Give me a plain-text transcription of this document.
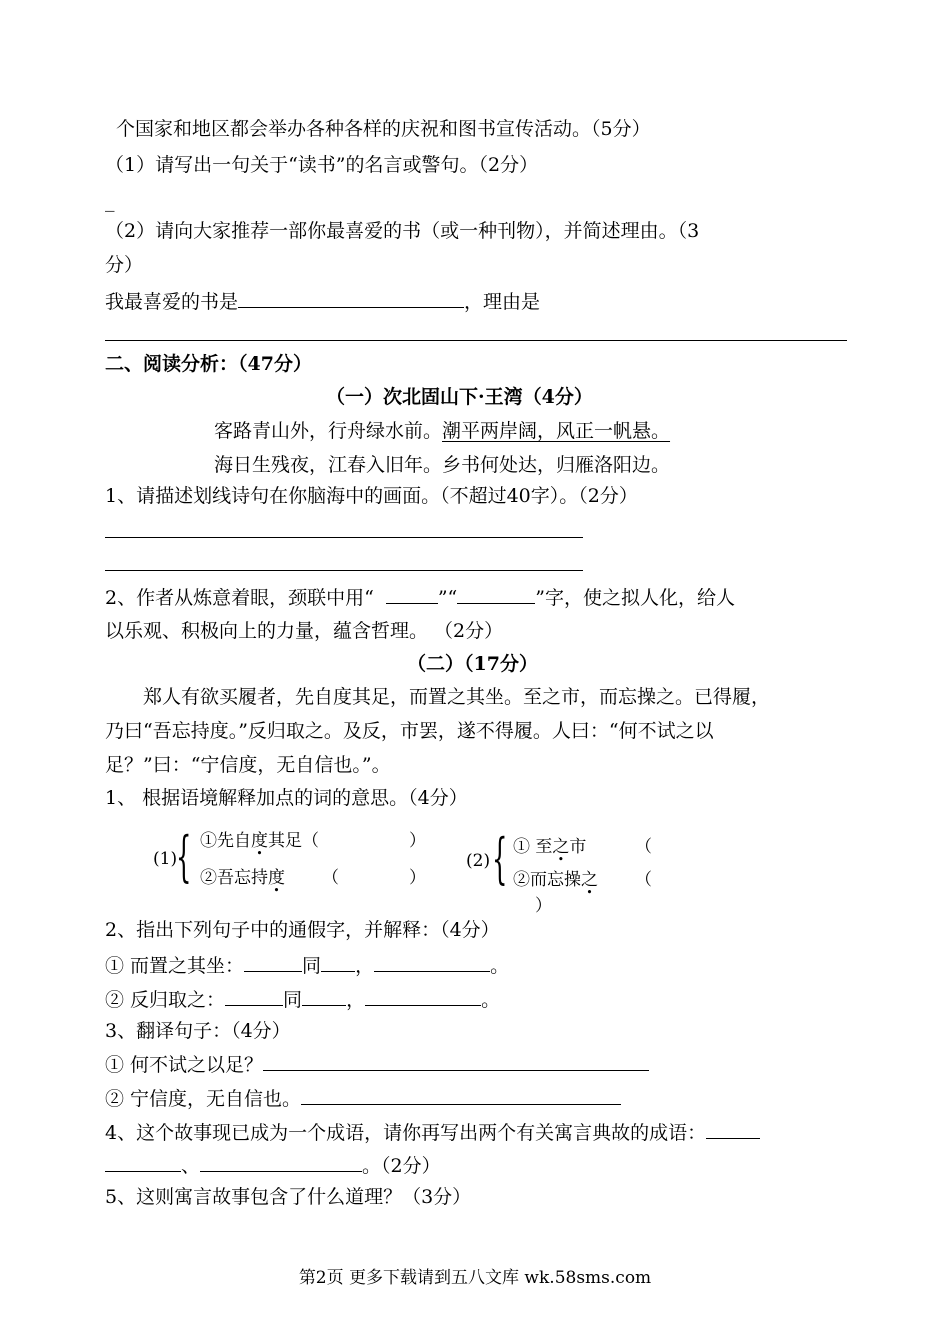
个国家和地区都会举办各种各样的庆祝和图书宣传活动。（5分）
（1）请写出一句关于“读书”的名言或警句。（2分）
_
（2）请向大家推荐一部你最喜爱的书（或一种刊物），并简述理由。（3
分）
我最喜爱的书是	，理由是
二、阅读分析：（47分）
（一）次北固山下·王湾（4分）
客路青山外，行舟绿水前。潮平两岸阔，风正一帆悬。
海日生残夜，江春入旧年。乡书何处达，归雁洛阳边。
1、请描述划线诗句在你脑海中的画面。（不超过40字）。（2分）
2、作者从炼意着眼，颈联中用“	”“	”字，使之拟人化，给人
以乐观、积极向上的力量，蕴含哲理。 （2分）
（二）（17分）
郑人有欲买履者，先自度其足，而置之其坐。至之市，而忘操之。已得履，
乃曰“吾忘持度。”反归取之。及反，市罢，遂不得履。人曰：“何不试之以
足？”曰：“宁信度，无自信也。”。
1、 根据语境解释加点的词的意思。（4分）
(1)
{ ①先自度其足（	）
②吾忘持度 （	）
(2) { ① 至之市	（
②而忘操之 （
）
2、指出下列句子中的通假字，并解释：（4分）
① 而置之其坐：	同 ，	。
② 反归取之：	同 ，	。
3、翻译句子：（4分）
① 何不试之以足？
② 宁信度，无自信也。
4、这个故事现已成为一个成语，请你再写出两个有关寓言典故的成语：
、	。（2分）
5、这则寓言故事包含了什么道理？（3分）
第2页 更多下载请到五八文库 wk.58sms.com
